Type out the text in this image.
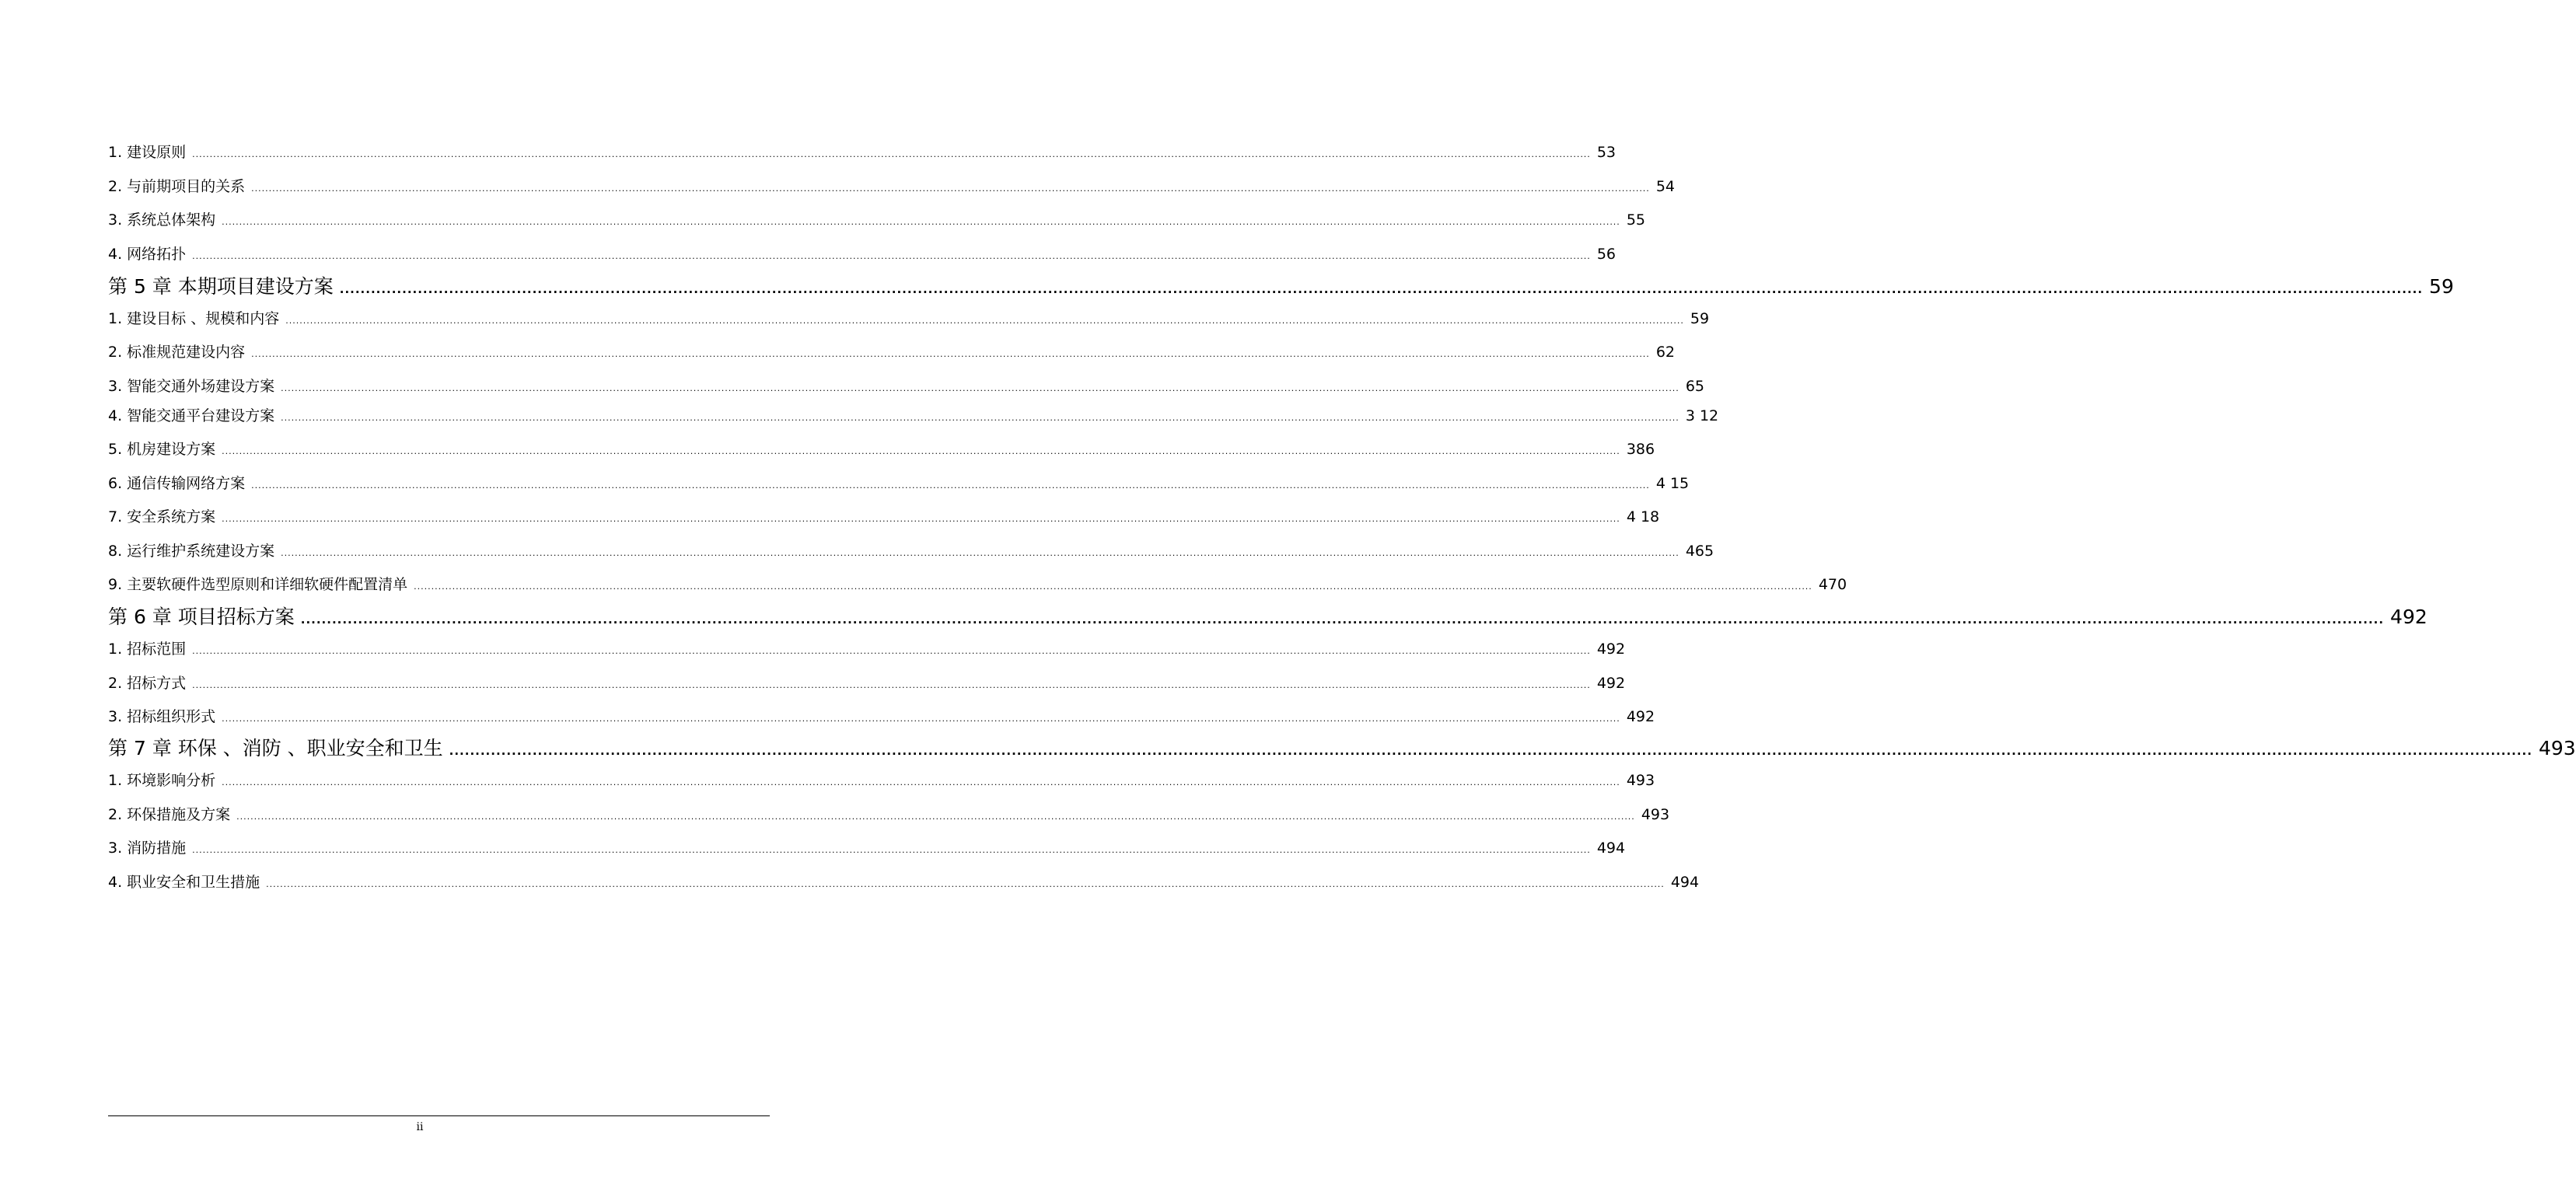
1. 建设原则 ................................................................................................................................................................................................................................................................................................................................................................................................................ 53
2. 与前期项目的关系 ................................................................................................................................................................................................................................................................................................................................................................................................................ 54
3. 系统总体架构 ................................................................................................................................................................................................................................................................................................................................................................................................................ 55
4. 网络拓扑 ................................................................................................................................................................................................................................................................................................................................................................................................................ 56
第 5 章 本期项目建设方案 ................................................................................................................................................................................................................................................................................................................................................................................................................ 59
1. 建设目标 、规模和内容 ................................................................................................................................................................................................................................................................................................................................................................................................................ 59
2. 标准规范建设内容 ................................................................................................................................................................................................................................................................................................................................................................................................................ 62
3. 智能交通外场建设方案 ................................................................................................................................................................................................................................................................................................................................................................................................................ 65
4. 智能交通平台建设方案 ................................................................................................................................................................................................................................................................................................................................................................................................................ 3 12
5. 机房建设方案 ................................................................................................................................................................................................................................................................................................................................................................................................................ 386
6. 通信传输网络方案 ................................................................................................................................................................................................................................................................................................................................................................................................................ 4 15
7. 安全系统方案 ................................................................................................................................................................................................................................................................................................................................................................................................................ 4 18
8. 运行维护系统建设方案 ................................................................................................................................................................................................................................................................................................................................................................................................................ 465
9. 主要软硬件选型原则和详细软硬件配置清单 ................................................................................................................................................................................................................................................................................................................................................................................................................ 470
第 6 章 项目招标方案 ................................................................................................................................................................................................................................................................................................................................................................................................................ 492
1. 招标范围 ................................................................................................................................................................................................................................................................................................................................................................................................................ 492
2. 招标方式 ................................................................................................................................................................................................................................................................................................................................................................................................................ 492
3. 招标组织形式 ................................................................................................................................................................................................................................................................................................................................................................................................................ 492
第 7 章 环保 、消防 、职业安全和卫生 ................................................................................................................................................................................................................................................................................................................................................................................................................ 493
1. 环境影响分析 ................................................................................................................................................................................................................................................................................................................................................................................................................ 493
2. 环保措施及方案 ................................................................................................................................................................................................................................................................................................................................................................................................................ 493
3. 消防措施 ................................................................................................................................................................................................................................................................................................................................................................................................................ 494
4. 职业安全和卫生措施 ................................................................................................................................................................................................................................................................................................................................................................................................................ 494
ii
